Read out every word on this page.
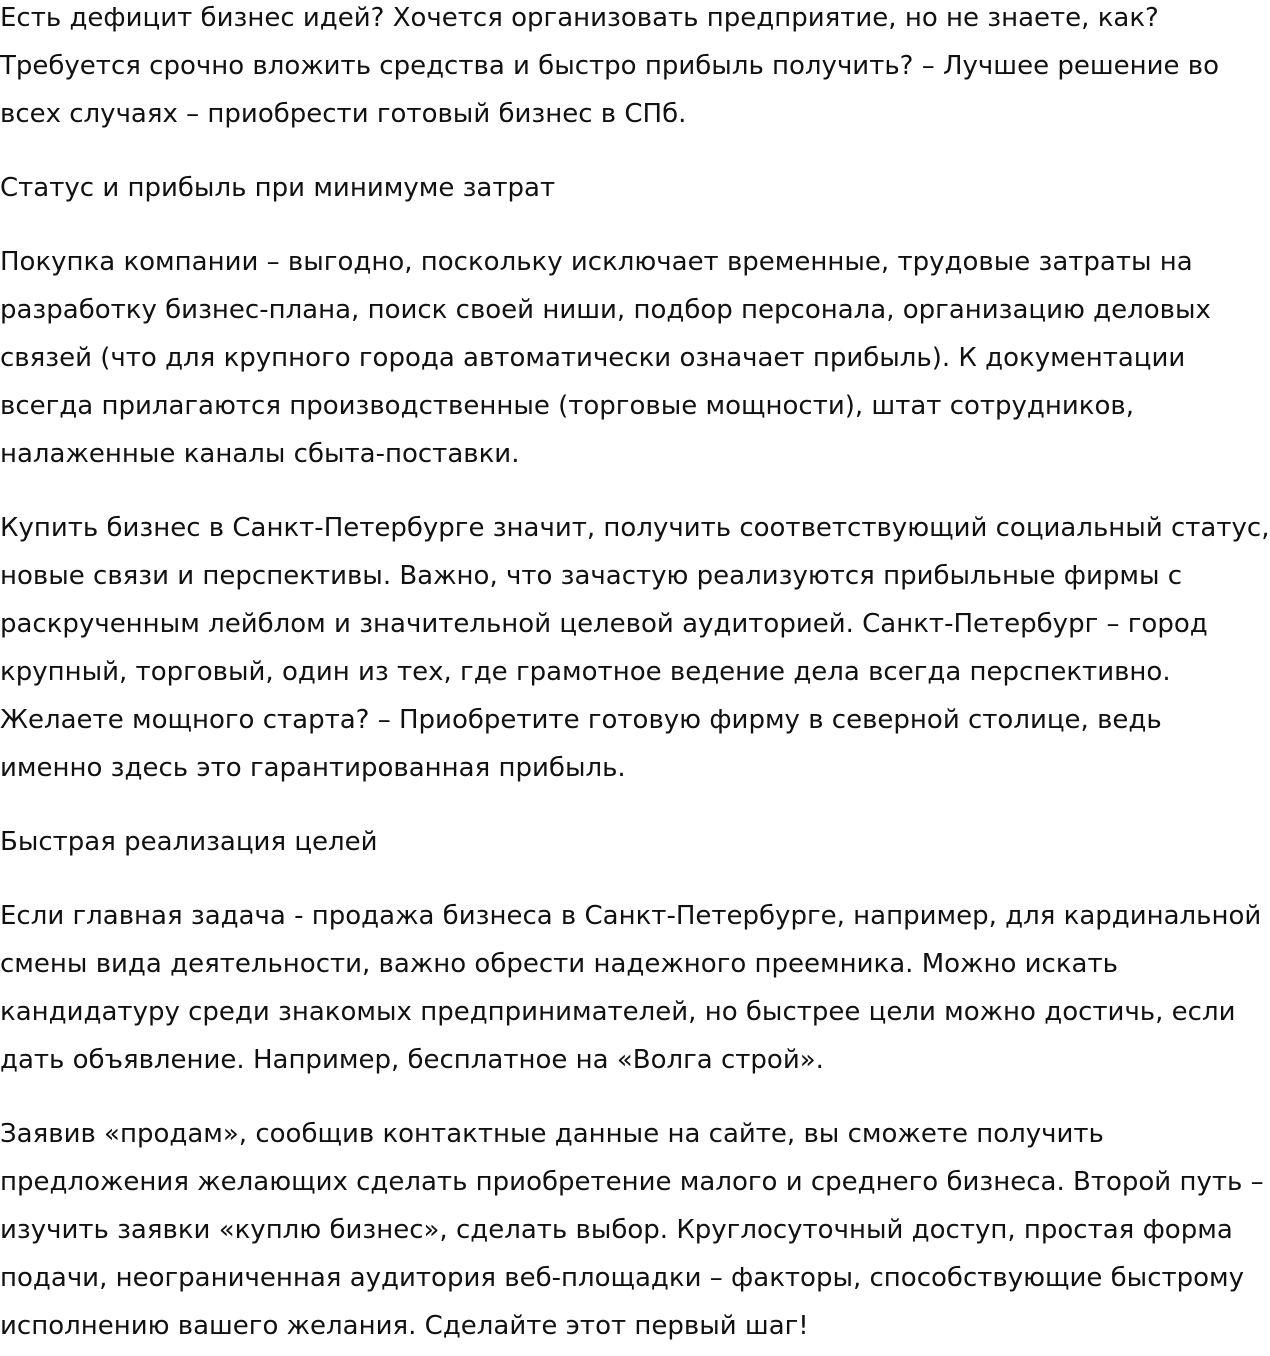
Есть дефицит бизнес идей? Хочется организовать предприятие, но не знаете, как? Требуется срочно вложить средства и быстро прибыль получить? – Лучшее решение во всех случаях – приобрести готовый бизнес в СПб.

Статус и прибыль при минимуме затрат

Покупка компании – выгодно, поскольку исключает временные, трудовые затраты на разработку бизнес-плана, поиск своей ниши, подбор персонала, организацию деловых связей (что для крупного города автоматически означает прибыль). К документации всегда прилагаются производственные (торговые мощности), штат сотрудников, налаженные каналы сбыта-поставки.

Купить бизнес в Санкт-Петербурге значит, получить соответствующий социальный статус, новые связи и перспективы. Важно, что зачастую реализуются прибыльные фирмы с раскрученным лейблом и значительной целевой аудиторией. Санкт-Петербург – город крупный, торговый, один из тех, где грамотное ведение дела всегда перспективно. Желаете мощного старта? – Приобретите готовую фирму в северной столице, ведь именно здесь это гарантированная прибыль.

Быстрая реализация целей

Если главная задача - продажа бизнеса в Санкт-Петербурге, например, для кардинальной смены вида деятельности, важно обрести надежного преемника. Можно искать кандидатуру среди знакомых предпринимателей, но быстрее цели можно достичь, если дать объявление. Например, бесплатное на «Волга строй».

Заявив «продам», сообщив контактные данные на сайте, вы сможете получить предложения желающих сделать приобретение малого и среднего бизнеса. Второй путь – изучить заявки «куплю бизнес», сделать выбор. Круглосуточный доступ, простая форма подачи, неограниченная аудитория веб-площадки – факторы, способствующие быстрому исполнению вашего желания. Сделайте этот первый шаг!
